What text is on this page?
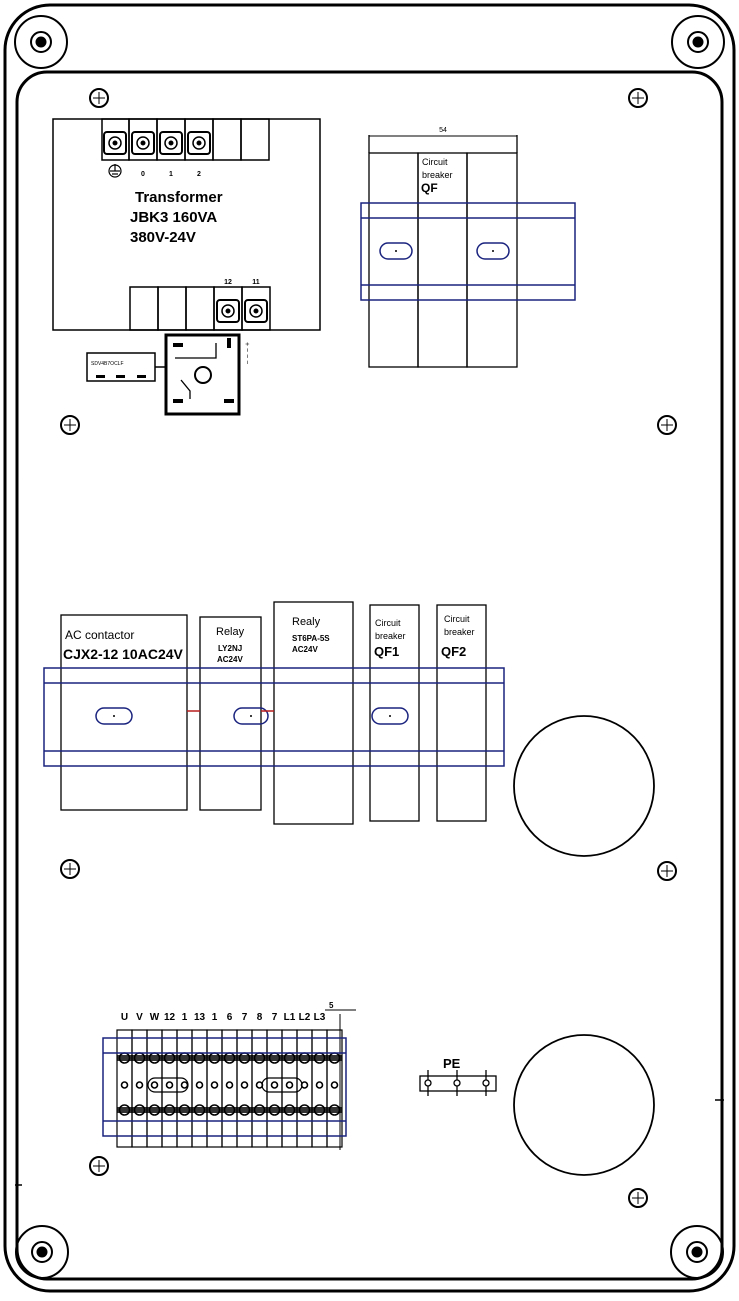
0	1	2
Transformer
JBK3 160VA
380V-24V
12	11
SDV4B7OCLF	+ ~ ~ −
54
Circuit
breaker
QF
AC contactor
CJX2-12 10AC24V
Relay
LY2NJ
AC24V
Realy
ST6PA-5S
AC24V
Circuit
breaker
QF1
Circuit
breaker
QF2
U V W 12 1 13 1 6 7 8 7 L1 L2 L3
5
PE
